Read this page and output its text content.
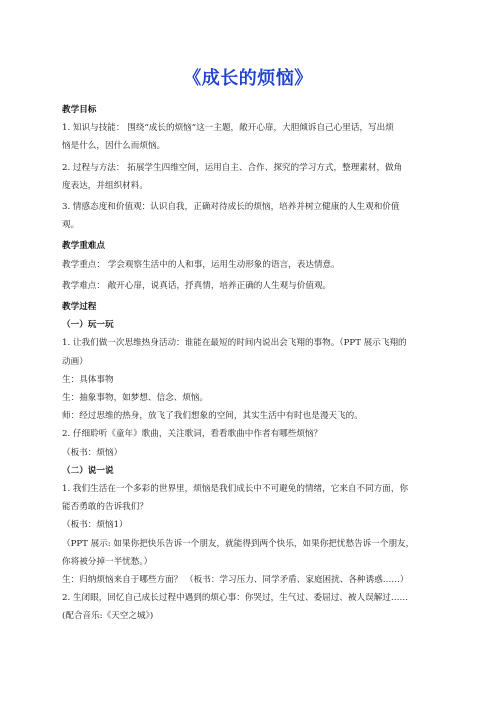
《成长的烦恼》

教学目标

1. 知识与技能： 围绕“成长的烦恼”这一主题，敞开心扉，大胆倾诉自己心里话，写出烦

恼是什么，因什么而烦恼。

2. 过程与方法： 拓展学生四维空间，运用自主、合作、探究的学习方式，整理素材，做角

度表达，并组织材料。

3. 情感态度和价值观：认识自我，正确对待成长的烦恼，培养并树立健康的人生观和价值

观。

教学重难点

教学重点： 学会观察生活中的人和事，运用生动形象的语言，表达情意。

教学难点： 敞开心扉，说真话，抒真情，培养正确的人生观与价值观。

教学过程

（一）玩一玩

1. 让我们做一次思维热身活动：谁能在最短的时间内说出会飞翔的事物。（PPT 展示飞翔的

动画）

生：具体事物

生：抽象事物，如梦想、信念、烦恼。

师：经过思维的热身，放飞了我们想象的空间，其实生活中有时也是漫天飞的。

2. 仔细聆听《童年》歌曲，关注歌词，看看歌曲中作者有哪些烦恼？

（板书：烦恼）

（二）说一说

1. 我们生活在一个多彩的世界里，烦恼是我们成长中不可避免的情绪，它来自不同方面，你

能否勇敢的告诉我们？

（板书：烦恼1）

（PPT 展示: 如果你把快乐告诉一个朋友，就能得到两个快乐，如果你把忧愁告诉一个朋友，

你将被分掉一半忧愁。）

生：归纳烦恼来自于哪些方面？ （板书：学习压力、同学矛盾、家庭困扰、各种诱惑……）

2. 生闭眼，回忆自己成长过程中遇到的烦心事：你哭过，生气过、委屈过、被人误解过……

(配合音乐:《天空之城》)
